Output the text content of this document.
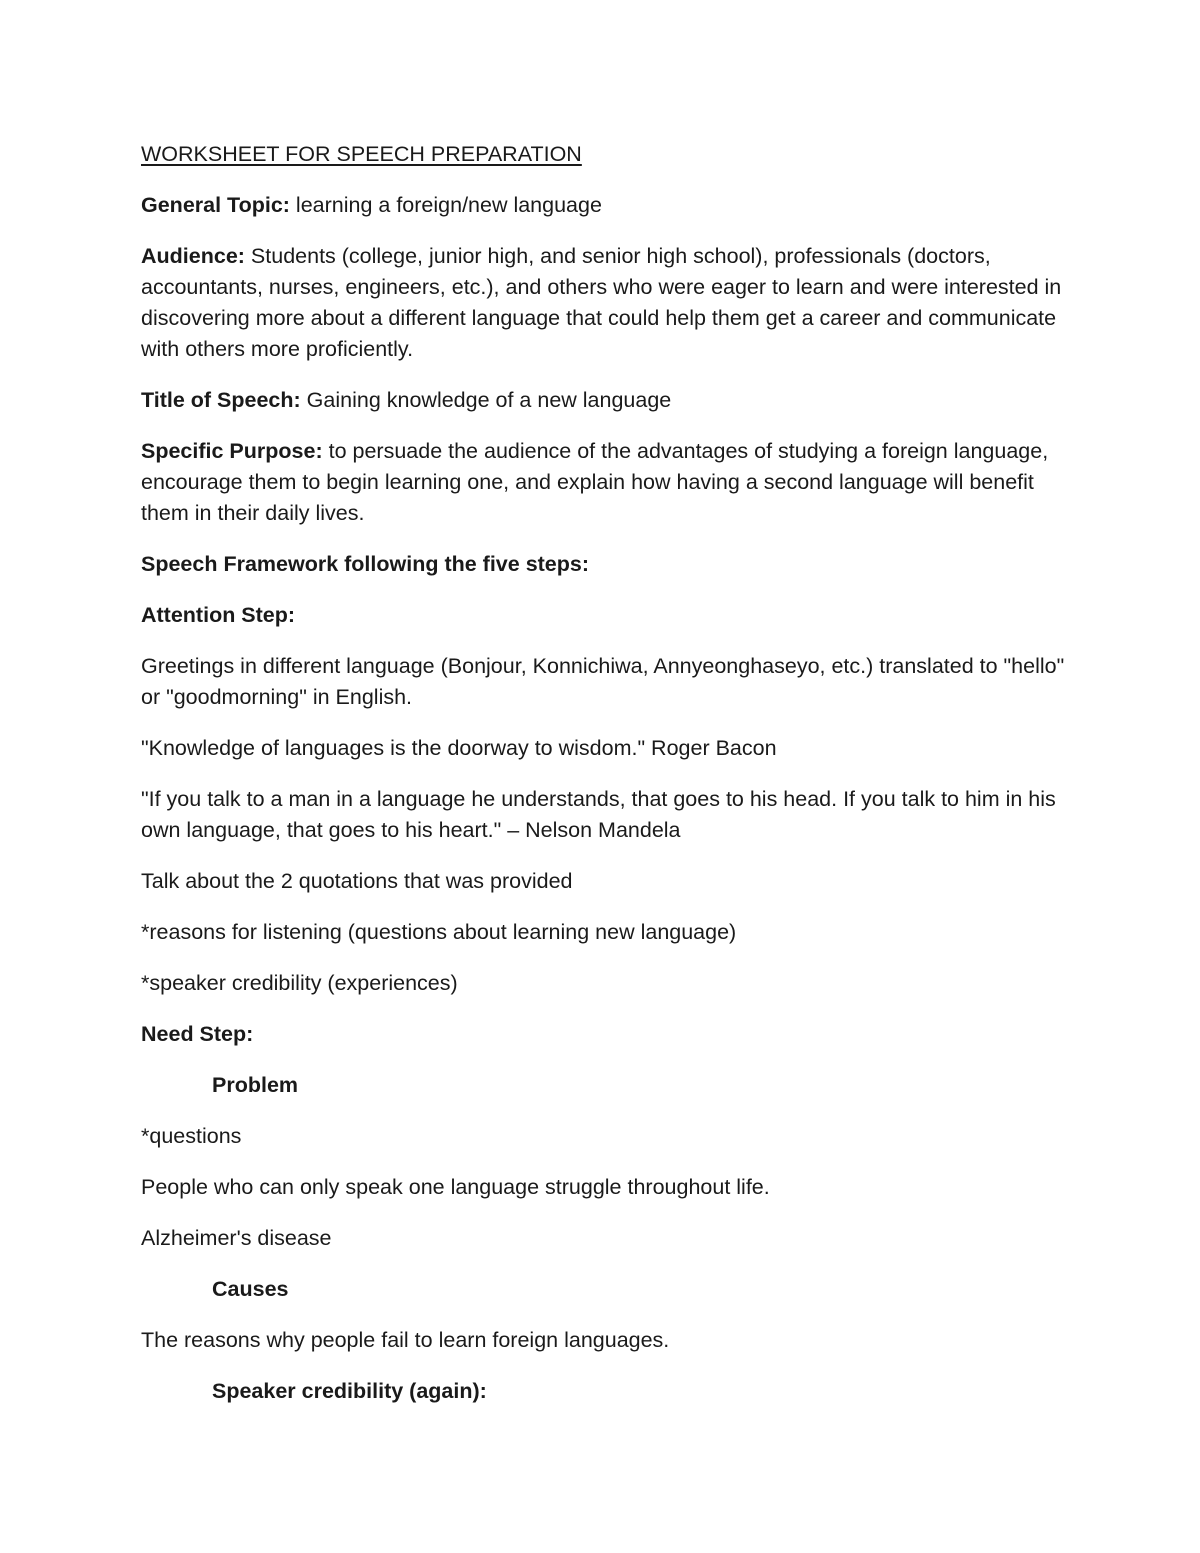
WORKSHEET FOR SPEECH PREPARATION

General Topic: learning a foreign/new language

Audience: Students (college, junior high, and senior high school), professionals (doctors, accountants, nurses, engineers, etc.), and others who were eager to learn and were interested in discovering more about a different language that could help them get a career and communicate with others more proficiently.

Title of Speech: Gaining knowledge of a new language

Specific Purpose: to persuade the audience of the advantages of studying a foreign language, encourage them to begin learning one, and explain how having a second language will benefit them in their daily lives.

Speech Framework following the five steps:

Attention Step:

Greetings in different language (Bonjour, Konnichiwa, Annyeonghaseyo, etc.) translated to "hello" or "goodmorning" in English.

"Knowledge of languages is the doorway to wisdom." Roger Bacon

"If you talk to a man in a language he understands, that goes to his head. If you talk to him in his own language, that goes to his heart." – Nelson Mandela

Talk about the 2 quotations that was provided

*reasons for listening (questions about learning new language)

*speaker credibility (experiences)

Need Step:

Problem

*questions

People who can only speak one language struggle throughout life.

Alzheimer's disease

Causes

The reasons why people fail to learn foreign languages.

Speaker credibility (again):
